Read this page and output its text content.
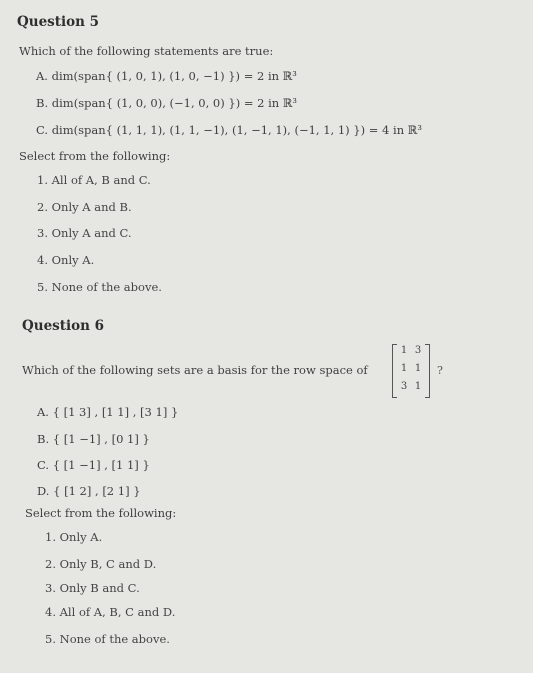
Question 5
Which of the following statements are true:
A. dim(span{ (1, 0, 1), (1, 0, −1) }) = 2 in ℝ³
B. dim(span{ (1, 0, 0), (−1, 0, 0) }) = 2 in ℝ³
C. dim(span{ (1, 1, 1), (1, 1, −1), (1, −1, 1), (−1, 1, 1) }) = 4 in ℝ³
Select from the following:
1. All of A, B and C.
2. Only A and B.
3. Only A and C.
4. Only A.
5. None of the above.
Question 6
Which of the following sets are a basis for the row space of
1 3
1 1
3 1
?
A. { [1 3] , [1 1] , [3 1] }
B. { [1 −1] , [0 1] }
C. { [1 −1] , [1 1] }
D. { [1 2] , [2 1] }
Select from the following:
1. Only A.
2. Only B, C and D.
3. Only B and C.
4. All of A, B, C and D.
5. None of the above.
